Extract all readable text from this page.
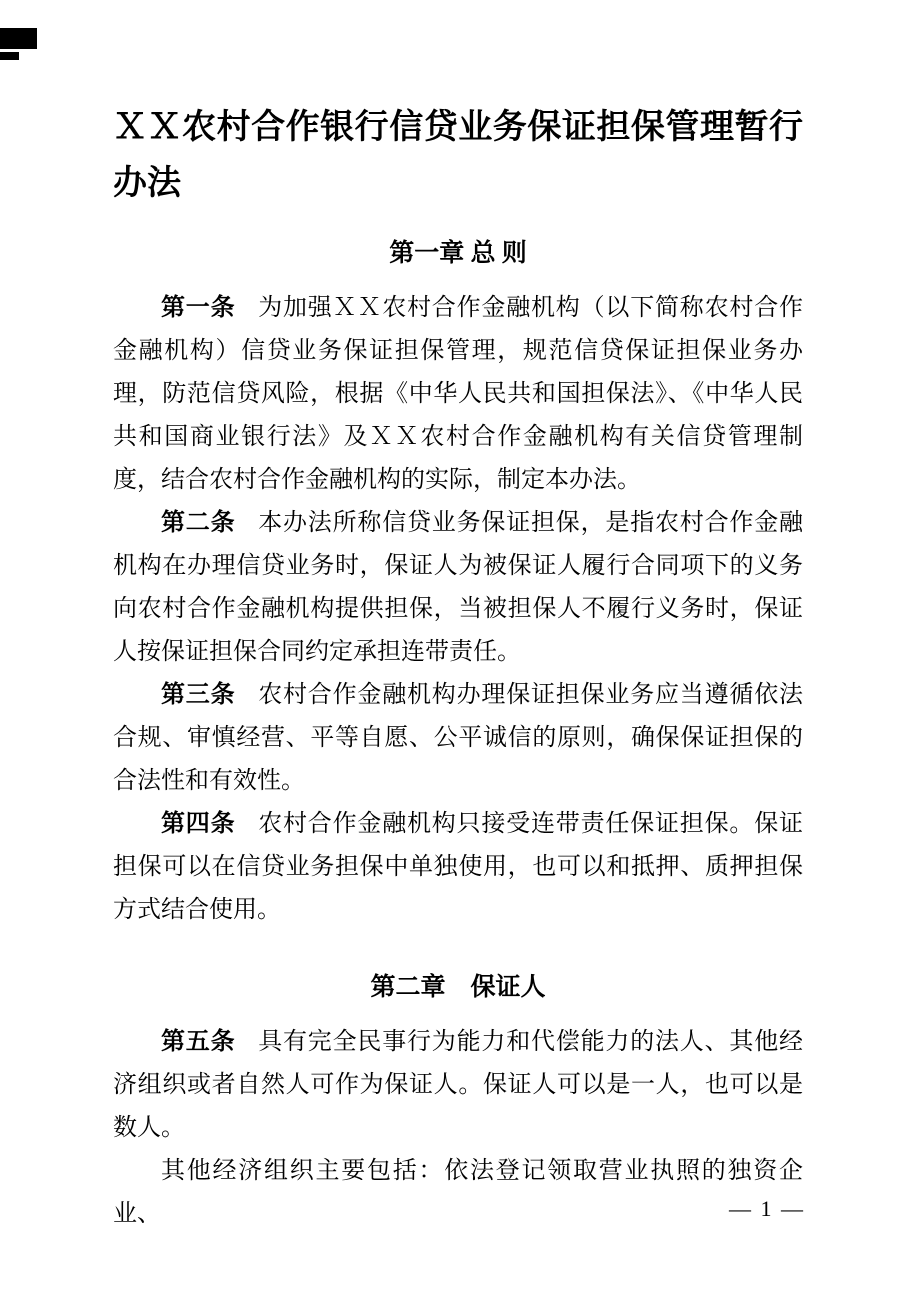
ＸＸ农村合作银行信贷业务保证担保管理暂行办法
第一章 总 则

第一条 为加强ＸＸ农村合作金融机构（以下简称农村合作金融机构）信贷业务保证担保管理，规范信贷保证担保业务办理，防范信贷风险，根据《中华人民共和国担保法》、《中华人民共和国商业银行法》及ＸＸ农村合作金融机构有关信贷管理制度，结合农村合作金融机构的实际，制定本办法。

第二条 本办法所称信贷业务保证担保，是指农村合作金融机构在办理信贷业务时，保证人为被保证人履行合同项下的义务向农村合作金融机构提供担保，当被担保人不履行义务时，保证人按保证担保合同约定承担连带责任。

第三条 农村合作金融机构办理保证担保业务应当遵循依法合规、审慎经营、平等自愿、公平诚信的原则，确保保证担保的合法性和有效性。

第四条 农村合作金融机构只接受连带责任保证担保。保证担保可以在信贷业务担保中单独使用，也可以和抵押、质押担保方式结合使用。

第二章　保证人

第五条 具有完全民事行为能力和代偿能力的法人、其他经济组织或者自然人可作为保证人。保证人可以是一人，也可以是数人。

其他经济组织主要包括：依法登记领取营业执照的独资企业、	— 1 —
